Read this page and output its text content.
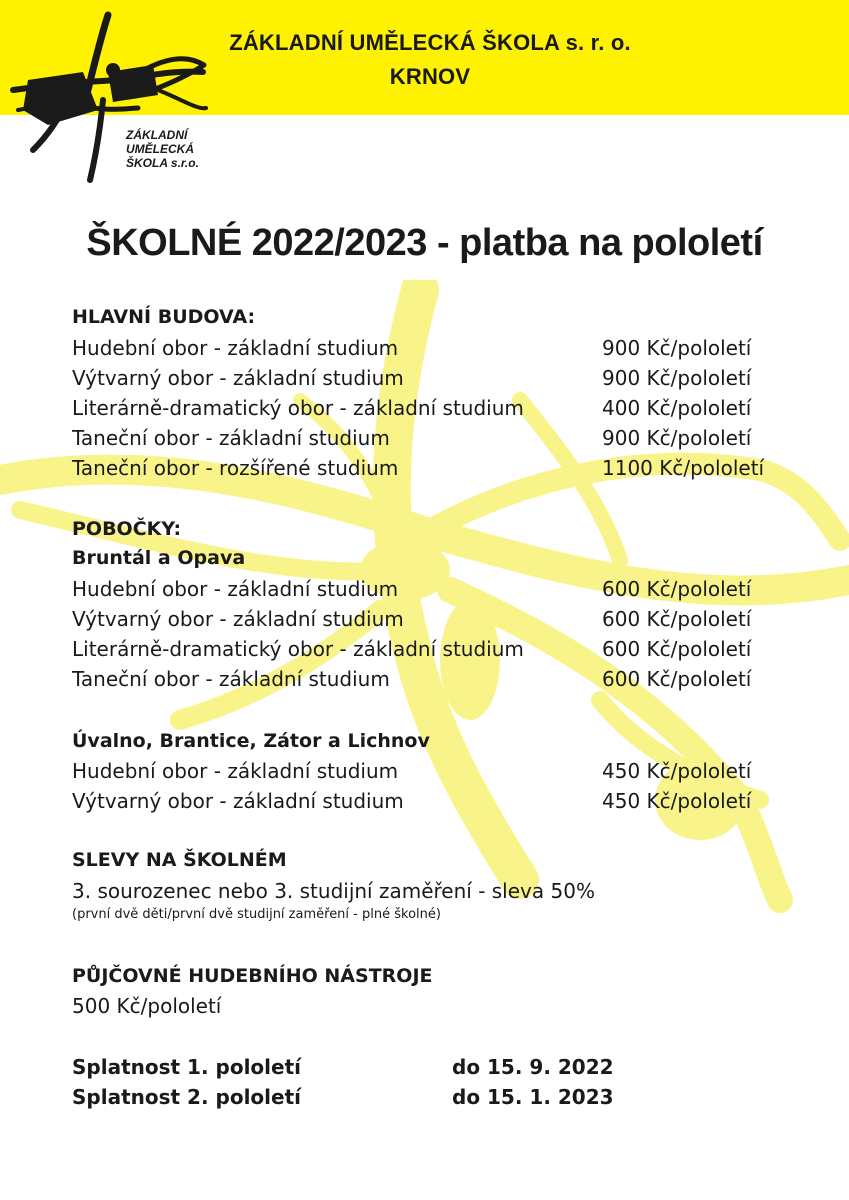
ZÁKLADNÍ UMĚLECKÁ ŠKOLA s. r. o.
KRNOV
ZÁKLADNÍ
UMĚLECKÁ
ŠKOLA s.r.o.
ŠKOLNÉ 2022/2023 - platba na pololetí
HLAVNÍ BUDOVA:
Hudební obor - základní studium	900 Kč/pololetí
Výtvarný obor - základní studium	900 Kč/pololetí
Literárně-dramatický obor - základní studium	400 Kč/pololetí
Taneční obor - základní studium	900 Kč/pololetí
Taneční obor - rozšířené studium	1100 Kč/pololetí
POBOČKY:
Bruntál a Opava
Hudební obor - základní studium	600 Kč/pololetí
Výtvarný obor - základní studium	600 Kč/pololetí
Literárně-dramatický obor - základní studium	600 Kč/pololetí
Taneční obor - základní studium	600 Kč/pololetí
Úvalno, Brantice, Zátor a Lichnov
Hudební obor - základní studium	450 Kč/pololetí
Výtvarný obor - základní studium	450 Kč/pololetí
SLEVY NA ŠKOLNÉM
3. sourozenec nebo 3. studijní zaměření - sleva 50%
(první dvě děti/první dvě studijní zaměření - plné školné)
PŮJČOVNÉ HUDEBNÍHO NÁSTROJE
500 Kč/pololetí
Splatnost 1. pololetí	do 15. 9. 2022
Splatnost 2. pololetí	do 15. 1. 2023
